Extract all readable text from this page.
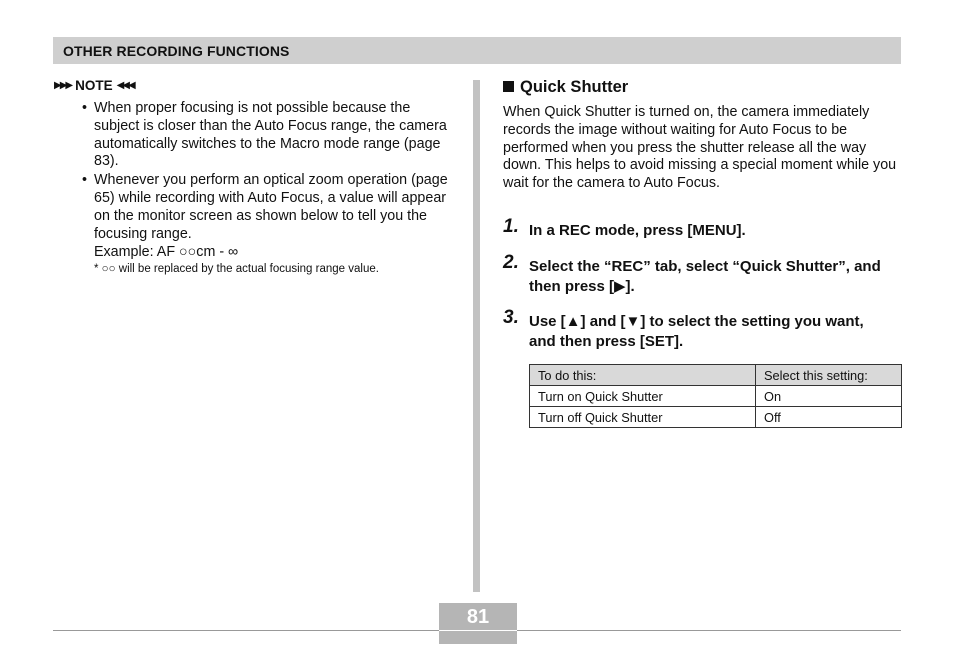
OTHER RECORDING FUNCTIONS
▶▶▶ NOTE ◀◀◀
• When proper focusing is not possible because the subject is closer than the Auto Focus range, the camera automatically switches to the Macro mode range (page 83).
• Whenever you perform an optical zoom operation (page 65) while recording with Auto Focus, a value will appear on the monitor screen as shown below to tell you the focusing range.
Example: AF ○○cm - ∞
* ○○ will be replaced by the actual focusing range value.
Quick Shutter
When Quick Shutter is turned on, the camera immediately records the image without waiting for Auto Focus to be performed when you press the shutter release all the way down. This helps to avoid missing a special moment while you wait for the camera to Auto Focus.
1. In a REC mode, press [MENU].
2. Select the “REC” tab, select “Quick Shutter”, and then press [▶].
3. Use [▲] and [▼] to select the setting you want, and then press [SET].
To do this:	Select this setting:
Turn on Quick Shutter	On
Turn off Quick Shutter	Off
81
